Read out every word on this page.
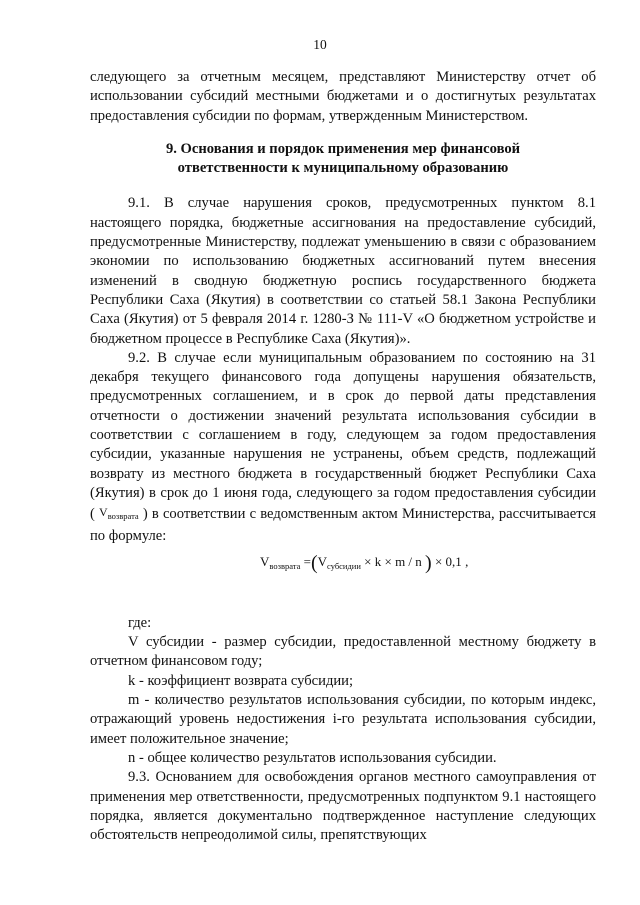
10

следующего за отчетным месяцем, представляют Министерству отчет об использовании субсидий местными бюджетами и о достигнутых результатах предоставления субсидии по формам, утвержденным Министерством.

9. Основания и порядок применения мер финансовой
ответственности к муниципальному образованию

9.1. В случае нарушения сроков, предусмотренных пунктом 8.1 настоящего порядка, бюджетные ассигнования на предоставление субсидий, предусмотренные Министерству, подлежат уменьшению в связи с образованием экономии по использованию бюджетных ассигнований путем внесения изменений в сводную бюджетную роспись государственного бюджета Республики Саха (Якутия) в соответствии со статьей 58.1 Закона Республики Саха (Якутия) от 5 февраля 2014 г. 1280-З № 111-V «О бюджетном устройстве и бюджетном процессе в Республике Саха (Якутия)».

9.2. В случае если муниципальным образованием по состоянию на 31 декабря текущего финансового года допущены нарушения обязательств, предусмотренных соглашением, и в срок до первой даты представления отчетности о достижении значений результата использования субсидии в соответствии с соглашением в году, следующем за годом предоставления субсидии, указанные нарушения не устранены, объем средств, подлежащий возврату из местного бюджета в государственный бюджет Республики Саха (Якутия) в срок до 1 июня года, следующего за годом предоставления субсидии ( $V_{возврата}$ ) в соответствии с ведомственным актом Министерства, рассчитывается по формуле:

$V_{возврата} =(V_{субсидии} \times k \times m / n$ ) × 0,1 ,

где:

V субсидии - размер субсидии, предоставленной местному бюджету в отчетном финансовом году;

k - коэффициент возврата субсидии;

m - количество результатов использования субсидии, по которым индекс, отражающий уровень недостижения i-го результата использования субсидии, имеет положительное значение;

n - общее количество результатов использования субсидии.

9.3. Основанием для освобождения органов местного самоуправления от применения мер ответственности, предусмотренных подпунктом 9.1 настоящего порядка, является документально подтвержденное наступление следующих обстоятельств непреодолимой силы, препятствующих
